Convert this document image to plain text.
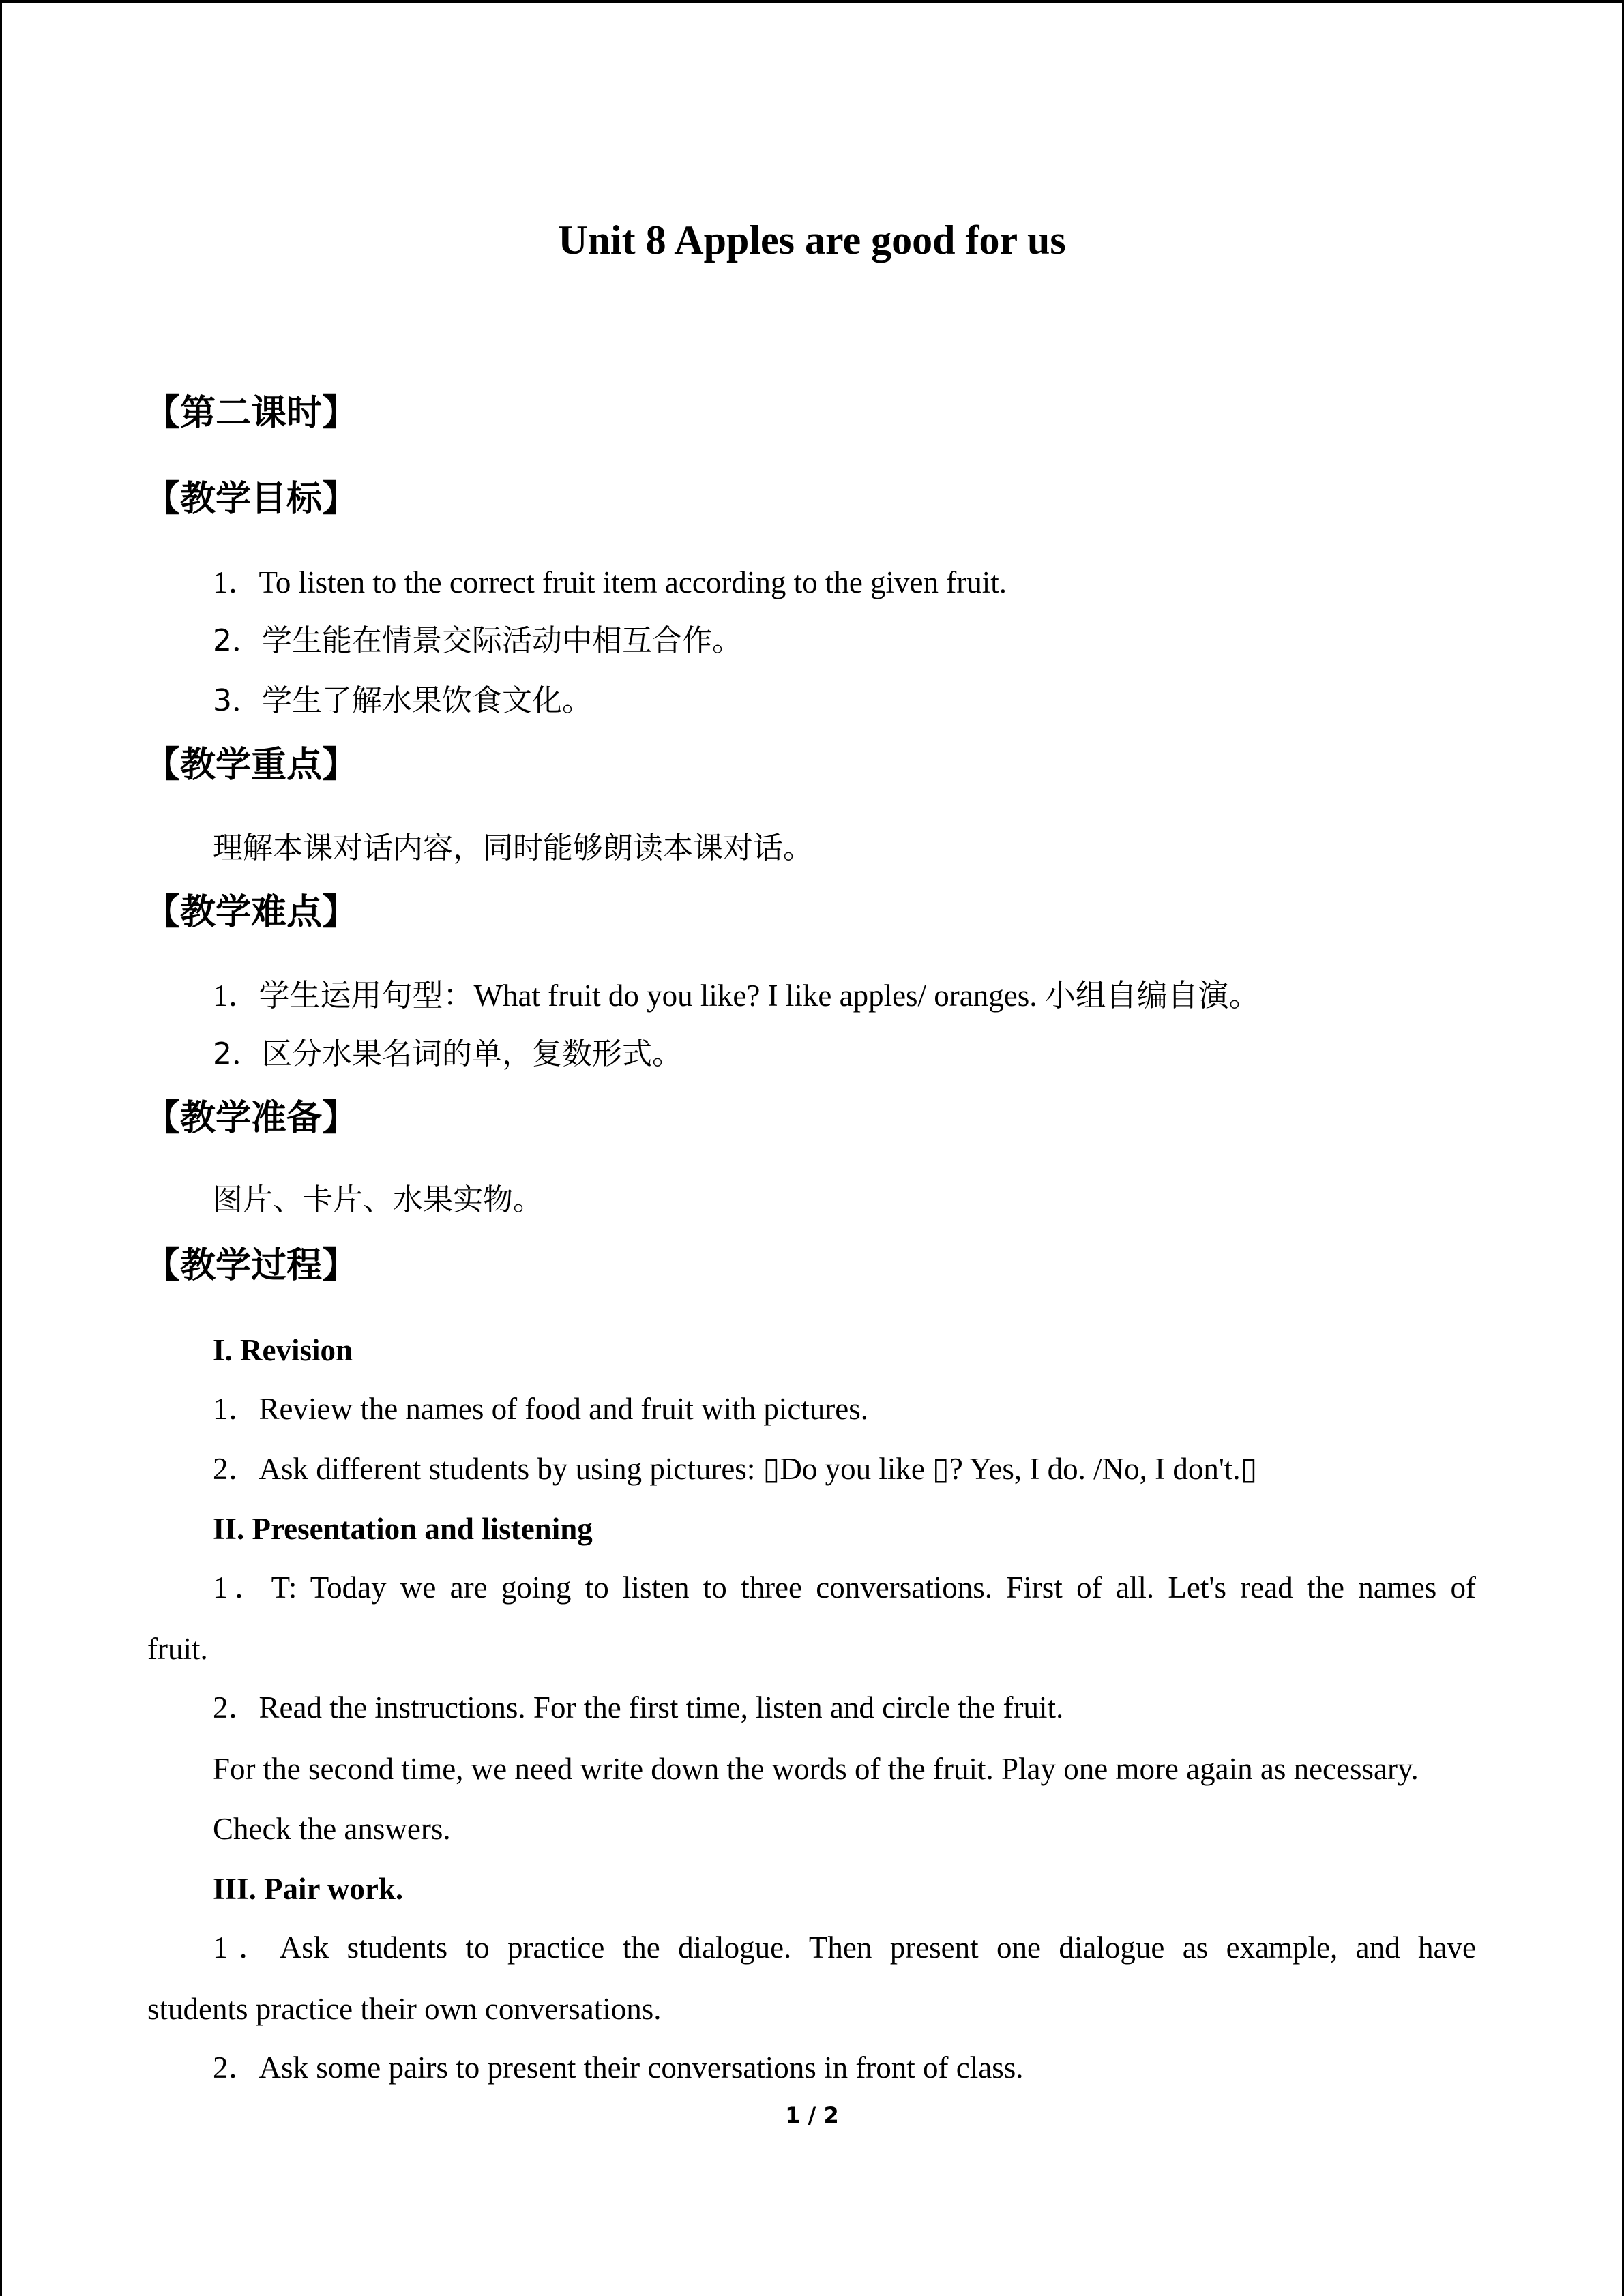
Unit 8 Apples are good for us
【第二课时】
【教学目标】
1．To listen to the correct fruit item according to the given fruit.
2．学生能在情景交际活动中相互合作。
3．学生了解水果饮食文化。
【教学重点】
理解本课对话内容，同时能够朗读本课对话。
【教学难点】
1．学生运用句型：What fruit do you like? I like apples/ oranges. 小组自编自演。
2．区分水果名词的单，复数形式。
【教学准备】
图片、卡片、水果实物。
【教学过程】
I. Revision
1．Review the names of food and fruit with pictures.
2．Ask different students by using pictures: ▯Do you like ▯? Yes, I do. /No, I don't.▯
II. Presentation and listening
1．T: Today we are going to listen to three conversations. First of all. Let's read the names of
fruit.
2．Read the instructions. For the first time, listen and circle the fruit.
For the second time, we need write down the words of the fruit. Play one more again as necessary.
Check the answers.
III. Pair work.
1．Ask students to practice the dialogue. Then present one dialogue as example, and have
students practice their own conversations.
2．Ask some pairs to present their conversations in front of class.
1 / 2
